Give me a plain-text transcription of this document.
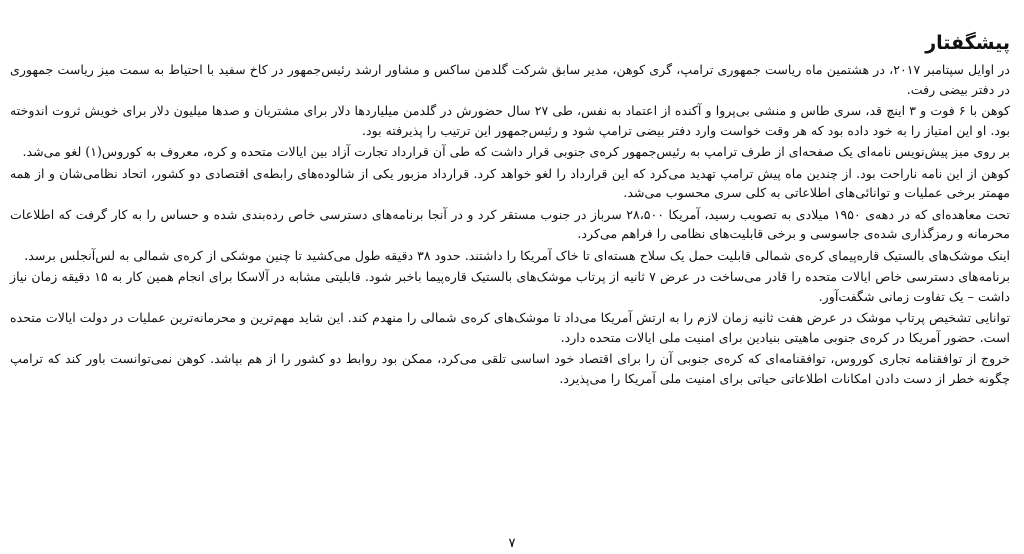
پیشگفتار

در اوایل سپتامبر ۲۰۱۷، در هشتمین ماه ریاست جمهوری ترامپ، گری کوهن، مدیر سابق شرکت گلدمن ساکس و مشاور ارشد رئیس‌جمهور در کاخ سفید با احتیاط به سمت میز ریاست جمهوری در دفتر بیضی رفت.

کوهن با ۶ فوت و ۳ اینچ قد، سری طاس و منشی بی‌پروا و آکنده از اعتماد به نفس، طی ۲۷ سال حضورش در گلدمن میلیاردها دلار برای مشتریان و صدها میلیون دلار برای خویش ثروت اندوخته بود. او این امتیاز را به خود داده بود که هر وقت خواست وارد دفتر بیضی ترامپ شود و رئیس‌جمهور این ترتیب را پذیرفته بود.

بر روی میز پیش‌نویس نامه‌ای یک صفحه‌ای از طرف ترامپ به رئیس‌جمهور کره‌ی جنوبی قرار داشت که طی آن قرارداد تجارت آزاد بین ایالات متحده و کره، معروف به کوروس(۱) لغو می‌شد.

کوهن از این نامه ناراحت بود. از چندین ماه پیش ترامپ تهدید می‌کرد که این قرارداد را لغو خواهد کرد. قرارداد مزبور یکی از شالوده‌های رابطه‌ی اقتصادی دو کشور، اتحاد نظامی‌شان و از همه مهمتر برخی عملیات و توانائی‌های اطلاعاتی به کلی سری محسوب می‌شد.

تحت معاهده‌ای که در دهه‌ی ۱۹۵۰ میلادی به تصویب رسید، آمریکا ۲۸،۵۰۰ سرباز در جنوب مستقر کرد و در آنجا برنامه‌های دسترسی خاص رده‌بندی شده و حساس را به کار گرفت که اطلاعات محرمانه و رمزگذاری شده‌ی جاسوسی و برخی قابلیت‌های نظامی را فراهم می‌کرد.

اینک موشک‌های بالستیک قاره‌پیمای کره‌ی شمالی قابلیت حمل یک سلاح هسته‌ای تا خاک آمریکا را داشتند. حدود ۳۸ دقیقه طول می‌کشید تا چنین موشکی از کره‌ی شمالی به لس‌آنجلس برسد.

برنامه‌های دسترسی خاص ایالات متحده را قادر می‌ساخت در عرض ۷ ثانیه از پرتاب موشک‌های بالستیک قاره‌پیما باخبر شود. قابلیتی مشابه در آلاسکا برای انجام همین کار به ۱۵ دقیقه زمان نیاز داشت – یک تفاوت زمانی شگفت‌آور.

توانایی تشخیص پرتاپ موشک در عرض هفت ثانیه زمان لازم را به ارتش آمریکا می‌داد تا موشک‌های کره‌ی شمالی را منهدم کند. این شاید مهم‌ترین و محرمانه‌ترین عملیات در دولت ایالات متحده است. حضور آمریکا در کره‌ی جنوبی ماهیتی بنیادین برای امنیت ملی ایالات متحده دارد.

خروج از توافقنامه تجاری کوروس، توافقنامه‌ای که کره‌ی جنوبی آن را برای اقتصاد خود اساسی تلقی می‌کرد، ممکن بود روابط دو کشور را از هم بپاشد. کوهن نمی‌توانست باور کند که ترامپ چگونه خطر از دست دادن امکانات اطلاعاتی حیاتی برای امنیت ملی آمریکا را می‌پذیرد.

۷
